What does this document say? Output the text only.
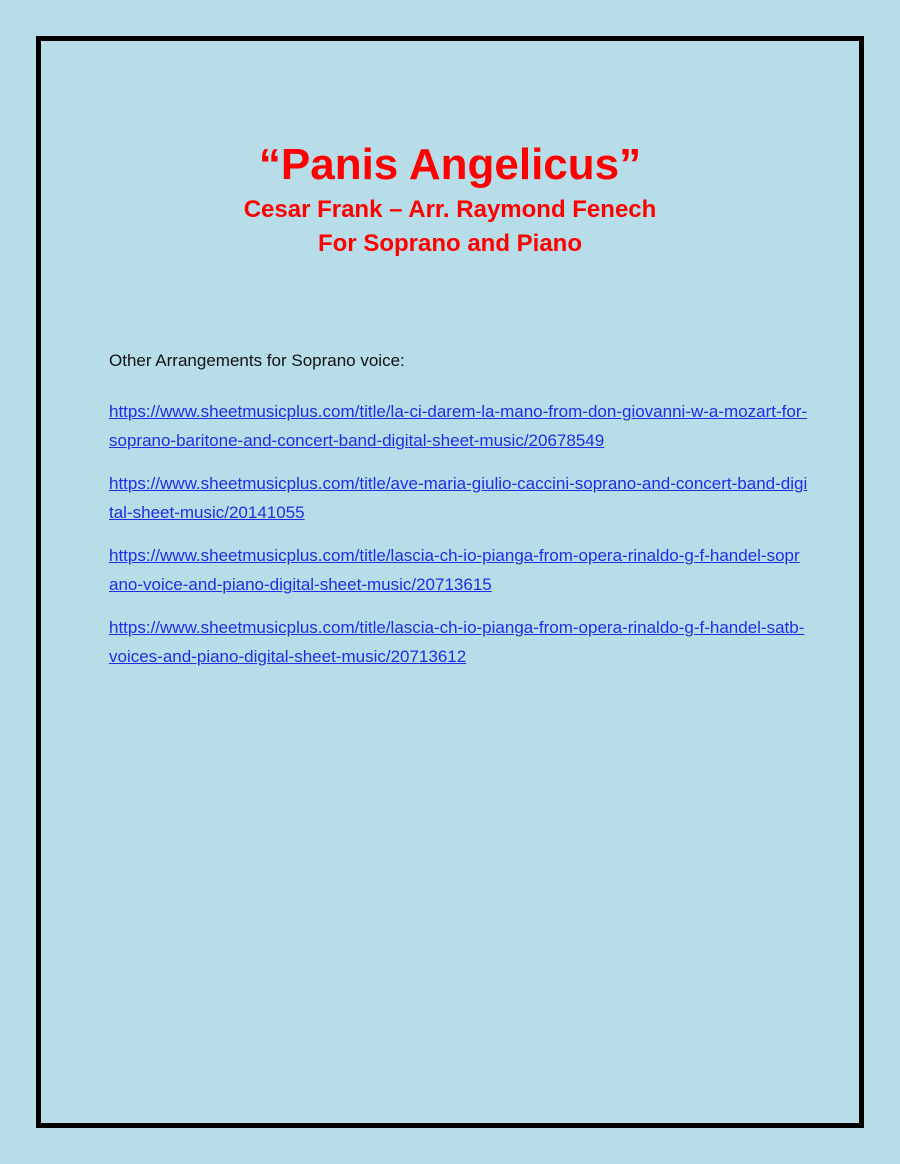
“Panis Angelicus”

Cesar Frank – Arr. Raymond Fenech

For Soprano and Piano

Other Arrangements for Soprano voice:

https://www.sheetmusicplus.com/title/la-ci-darem-la-mano-from-don-giovanni-w-a-mozart-for-soprano-baritone-and-concert-band-digital-sheet-music/20678549
https://www.sheetmusicplus.com/title/ave-maria-giulio-caccini-soprano-and-concert-band-digital-sheet-music/20141055
https://www.sheetmusicplus.com/title/lascia-ch-io-pianga-from-opera-rinaldo-g-f-handel-soprano-voice-and-piano-digital-sheet-music/20713615
https://www.sheetmusicplus.com/title/lascia-ch-io-pianga-from-opera-rinaldo-g-f-handel-satb-voices-and-piano-digital-sheet-music/20713612
